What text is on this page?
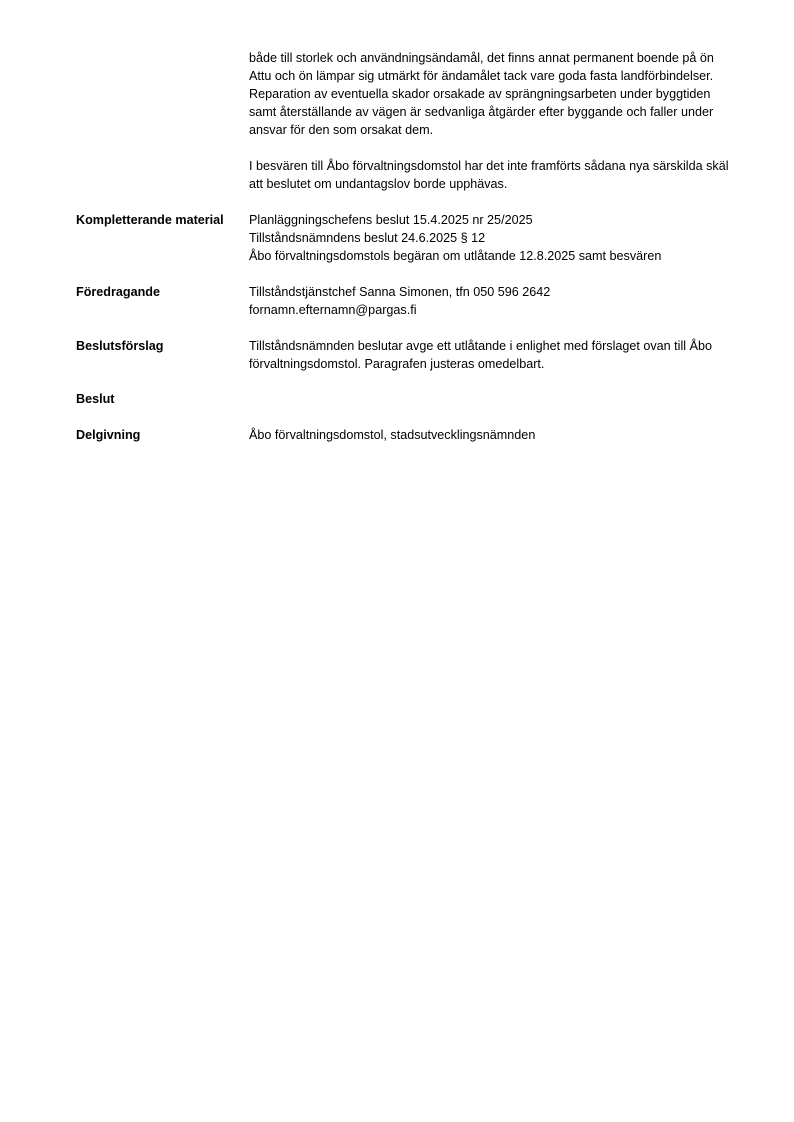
både till storlek och användningsändamål, det finns annat permanent boende på ön Attu och ön lämpar sig utmärkt för ändamålet tack vare goda fasta landförbindelser. Reparation av eventuella skador orsakade av sprängningsarbeten under byggtiden samt återställande av vägen är sedvanliga åtgärder efter byggande och faller under ansvar för den som orsakat dem.

I besvären till Åbo förvaltningsdomstol har det inte framförts sådana nya särskilda skäl att beslutet om undantagslov borde upphävas.

Kompletterande material	Planläggningschefens beslut 15.4.2025 nr 25/2025
Tillståndsnämndens beslut 24.6.2025 § 12
Åbo förvaltningsdomstols begäran om utlåtande 12.8.2025 samt besvären
Föredragande	Tillståndstjänstchef Sanna Simonen, tfn 050 596 2642
fornamn.efternamn@pargas.fi
Beslutsförslag	Tillståndsnämnden beslutar avge ett utlåtande i enlighet med förslaget ovan till Åbo förvaltningsdomstol. Paragrafen justeras omedelbart.
Beslut
Delgivning	Åbo förvaltningsdomstol, stadsutvecklingsnämnden
